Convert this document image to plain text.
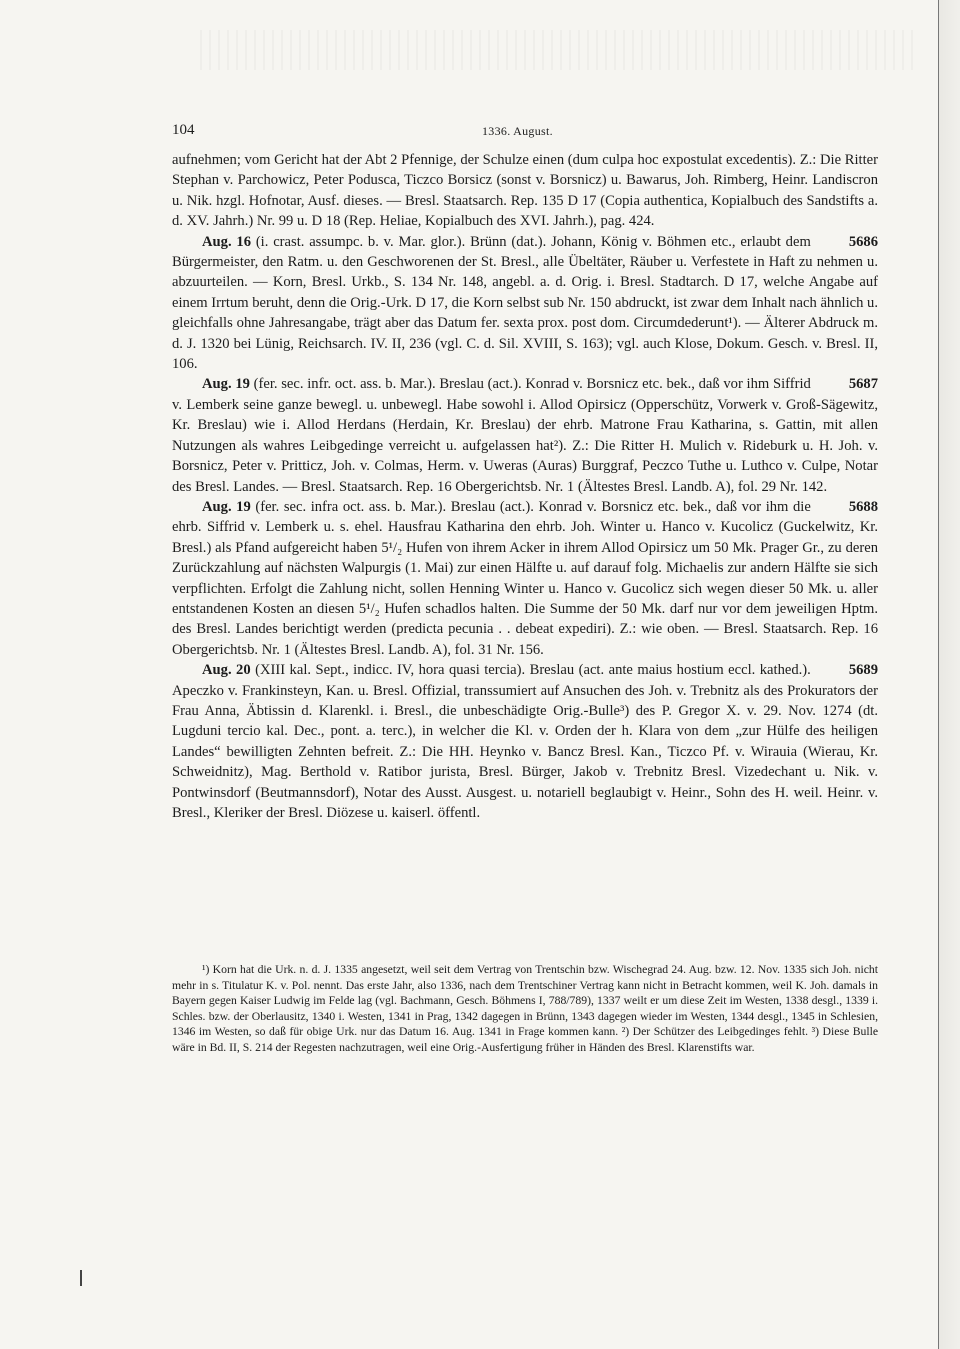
104	1336. August.

aufnehmen; vom Gericht hat der Abt 2 Pfennige, der Schulze einen (dum culpa hoc expostulat excedentis). Z.: Die Ritter Stephan v. Parchowicz, Peter Podusca, Ticzco Borsicz (sonst v. Borsnicz) u. Bawarus, Joh. Rimberg, Heinr. Landiscron u. Nik. hzgl. Hofnotar, Ausf. dieses. — Bresl. Staatsarch. Rep. 135 D 17 (Copia authentica, Kopialbuch des Sandstifts a. d. XV. Jahrh.) Nr. 99 u. D 18 (Rep. Heliae, Kopialbuch des XVI. Jahrh.), pag. 424.

5686
Aug. 16 (i. crast. assumpc. b. v. Mar. glor.). Brünn (dat.). Johann, König v. Böhmen etc., erlaubt dem Bürgermeister, den Ratm. u. den Geschworenen der St. Bresl., alle Übeltäter, Räuber u. Verfestete in Haft zu nehmen u. abzuurteilen. — Korn, Bresl. Urkb., S. 134 Nr. 148, angebl. a. d. Orig. i. Bresl. Stadtarch. D 17, welche Angabe auf einem Irrtum beruht, denn die Orig.-Urk. D 17, die Korn selbst sub Nr. 150 abdruckt, ist zwar dem Inhalt nach ähnlich u. gleichfalls ohne Jahresangabe, trägt aber das Datum fer. sexta prox. post dom. Circumdederunt¹). — Älterer Abdruck m. d. J. 1320 bei Lünig, Reichsarch. IV. II, 236 (vgl. C. d. Sil. XVIII, S. 163); vgl. auch Klose, Dokum. Gesch. v. Bresl. II, 106.

5687
Aug. 19 (fer. sec. infr. oct. ass. b. Mar.). Breslau (act.). Konrad v. Borsnicz etc. bek., daß vor ihm Siffrid v. Lemberk seine ganze bewegl. u. unbewegl. Habe sowohl i. Allod Opirsicz (Opperschütz, Vorwerk v. Groß-Sägewitz, Kr. Breslau) wie i. Allod Herdans (Herdain, Kr. Breslau) der ehrb. Matrone Frau Katharina, s. Gattin, mit allen Nutzungen als wahres Leibgedinge verreicht u. aufgelassen hat²). Z.: Die Ritter H. Mulich v. Rideburk u. H. Joh. v. Borsnicz, Peter v. Pritticz, Joh. v. Colmas, Herm. v. Uweras (Auras) Burggraf, Peczco Tuthe u. Luthco v. Culpe, Notar des Bresl. Landes. — Bresl. Staatsarch. Rep. 16 Obergerichtsb. Nr. 1 (Ältestes Bresl. Landb. A), fol. 29 Nr. 142.

5688
Aug. 19 (fer. sec. infra oct. ass. b. Mar.). Breslau (act.). Konrad v. Borsnicz etc. bek., daß vor ihm die ehrb. Siffrid v. Lemberk u. s. ehel. Hausfrau Katharina den ehrb. Joh. Winter u. Hanco v. Kucolicz (Guckelwitz, Kr. Bresl.) als Pfand aufgereicht haben 5¹/₂ Hufen von ihrem Acker in ihrem Allod Opirsicz um 50 Mk. Prager Gr., zu deren Zurückzahlung auf nächsten Walpurgis (1. Mai) zur einen Hälfte u. auf darauf folg. Michaelis zur andern Hälfte sie sich verpflichten. Erfolgt die Zahlung nicht, sollen Henning Winter u. Hanco v. Gucolicz sich wegen dieser 50 Mk. u. aller entstandenen Kosten an diesen 5¹/₂ Hufen schadlos halten. Die Summe der 50 Mk. darf nur vor dem jeweiligen Hptm. des Bresl. Landes berichtigt werden (predicta pecunia . . debeat expediri). Z.: wie oben. — Bresl. Staatsarch. Rep. 16 Obergerichtsb. Nr. 1 (Ältestes Bresl. Landb. A), fol. 31 Nr. 156.

5689
Aug. 20 (XIII kal. Sept., indicc. IV, hora quasi tercia). Breslau (act. ante maius hostium eccl. kathed.). Apeczko v. Frankinsteyn, Kan. u. Bresl. Offizial, transsumiert auf Ansuchen des Joh. v. Trebnitz als des Prokurators der Frau Anna, Äbtissin d. Klarenkl. i. Bresl., die unbeschädigte Orig.-Bulle³) des P. Gregor X. v. 29. Nov. 1274 (dt. Lugduni tercio kal. Dec., pont. a. terc.), in welcher die Kl. v. Orden der h. Klara von dem „zur Hülfe des heiligen Landes“ bewilligten Zehnten befreit. Z.: Die HH. Heynko v. Bancz Bresl. Kan., Ticzco Pf. v. Wirauia (Wierau, Kr. Schweidnitz), Mag. Berthold v. Ratibor jurista, Bresl. Bürger, Jakob v. Trebnitz Bresl. Vizedechant u. Nik. v. Pontwinsdorf (Beutmannsdorf), Notar des Ausst. Ausgest. u. notariell beglaubigt v. Heinr., Sohn des H. weil. Heinr. v. Bresl., Kleriker der Bresl. Diözese u. kaiserl. öffentl.

¹) Korn hat die Urk. n. d. J. 1335 angesetzt, weil seit dem Vertrag von Trentschin bzw. Wischegrad 24. Aug. bzw. 12. Nov. 1335 sich Joh. nicht mehr in s. Titulatur K. v. Pol. nennt. Das erste Jahr, also 1336, nach dem Trentschiner Vertrag kann nicht in Betracht kommen, weil K. Joh. damals in Bayern gegen Kaiser Ludwig im Felde lag (vgl. Bachmann, Gesch. Böhmens I, 788/789), 1337 weilt er um diese Zeit im Westen, 1338 desgl., 1339 i. Schles. bzw. der Oberlausitz, 1340 i. Westen, 1341 in Prag, 1342 dagegen in Brünn, 1343 dagegen wieder im Westen, 1344 desgl., 1345 in Schlesien, 1346 im Westen, so daß für obige Urk. nur das Datum 16. Aug. 1341 in Frage kommen kann. ²) Der Schützer des Leibgedinges fehlt. ³) Diese Bulle wäre in Bd. II, S. 214 der Regesten nachzutragen, weil eine Orig.-Ausfertigung früher in Händen des Bresl. Klarenstifts war.
